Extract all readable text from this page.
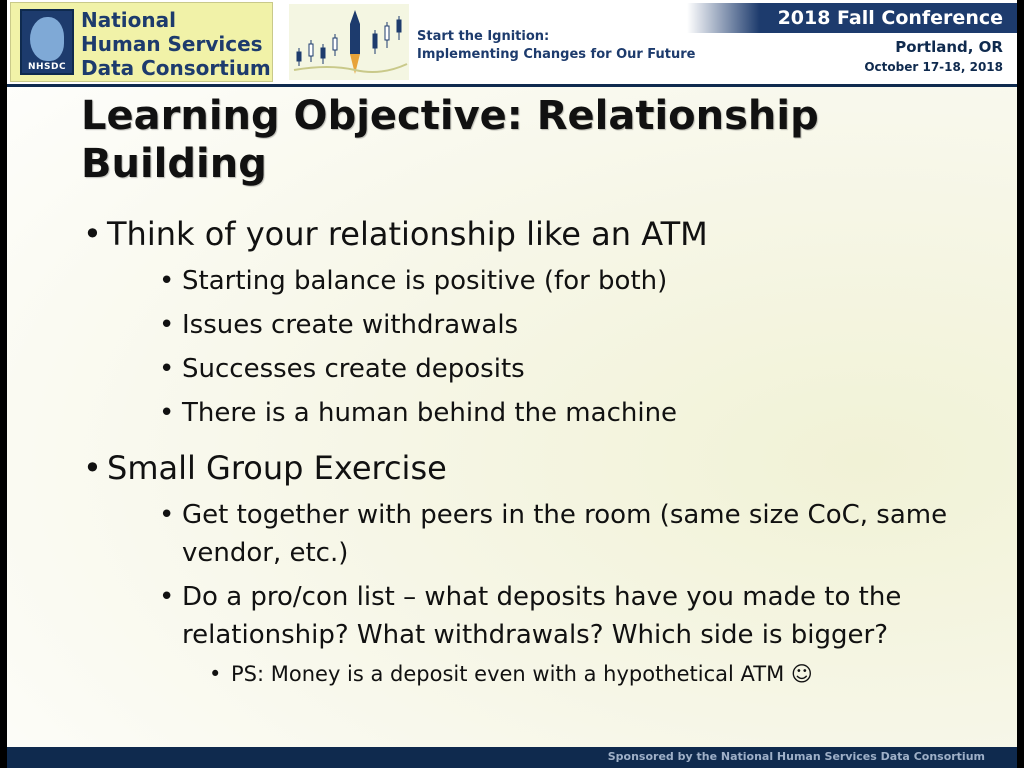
NHSDC
National
Human Services
Data Consortium
Start the Ignition:
Implementing Changes for Our Future
2018 Fall Conference
Portland, OR
October 17-18, 2018
Learning Objective: Relationship Building
• Think of your relationship like an ATM
• Starting balance is positive (for both)
• Issues create withdrawals
• Successes create deposits
• There is a human behind the machine
• Small Group Exercise
• Get together with peers in the room (same size CoC, same vendor, etc.)
• Do a pro/con list – what deposits have you made to the relationship? What withdrawals? Which side is bigger?
• PS: Money is a deposit even with a hypothetical ATM ☺
Sponsored by the National Human Services Data Consortium
